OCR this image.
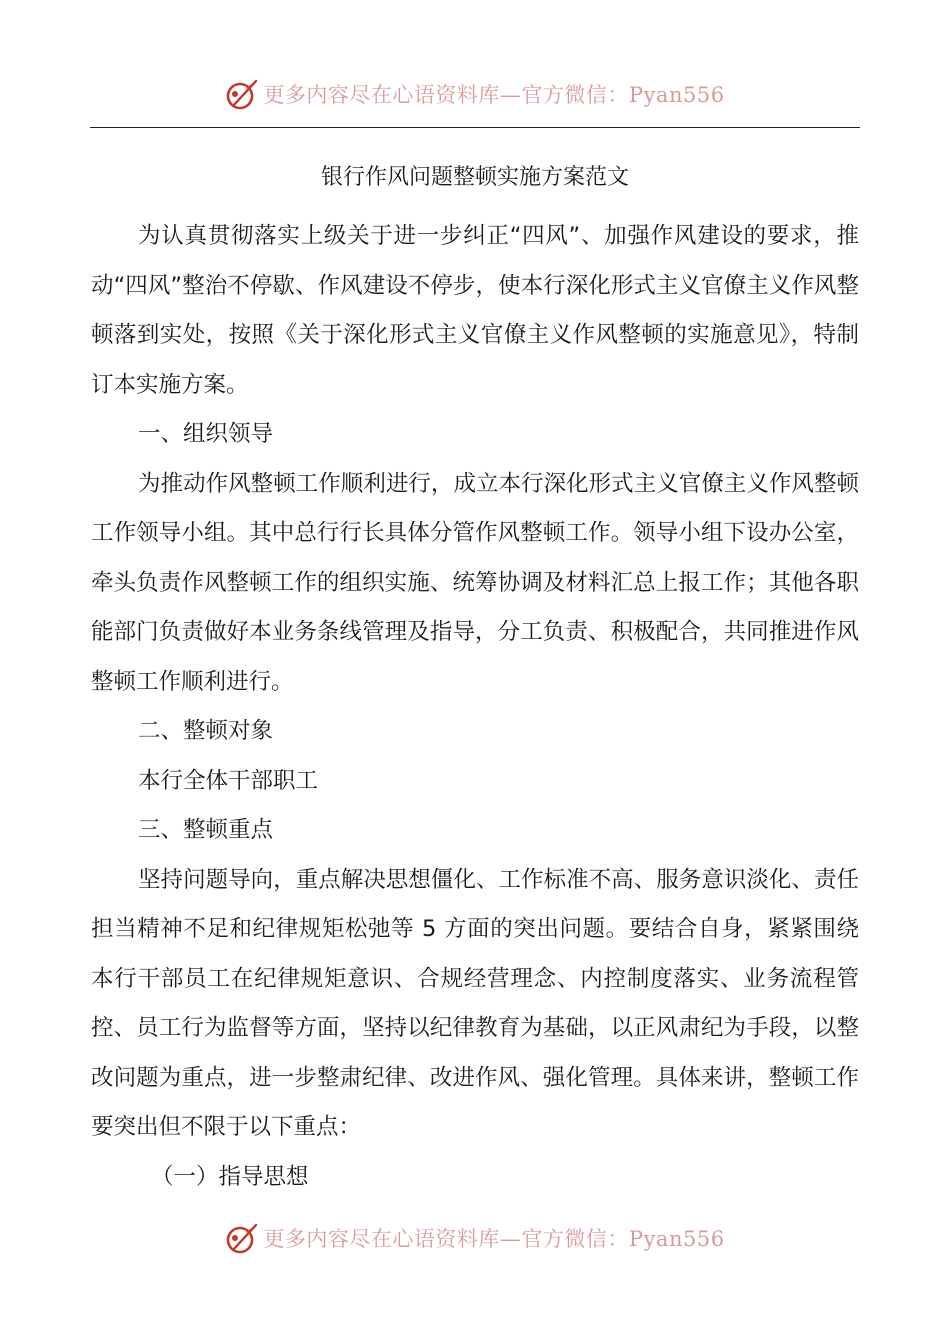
更多内容尽在心语资料库—官方微信：Pyan556
银行作风问题整顿实施方案范文

为认真贯彻落实上级关于进一步纠正“四风”、加强作风建设的要求，推动“四风”整治不停歇、作风建设不停步，使本行深化形式主义官僚主义作风整顿落到实处，按照《关于深化形式主义官僚主义作风整顿的实施意见》，特制订本实施方案。

一、组织领导

为推动作风整顿工作顺利进行，成立本行深化形式主义官僚主义作风整顿工作领导小组。其中总行行长具体分管作风整顿工作。领导小组下设办公室，牵头负责作风整顿工作的组织实施、统筹协调及材料汇总上报工作；其他各职能部门负责做好本业务条线管理及指导，分工负责、积极配合，共同推进作风整顿工作顺利进行。

二、整顿对象

本行全体干部职工

三、整顿重点

坚持问题导向，重点解决思想僵化、工作标准不高、服务意识淡化、责任担当精神不足和纪律规矩松弛等 5 方面的突出问题。要结合自身，紧紧围绕本行干部员工在纪律规矩意识、合规经营理念、内控制度落实、业务流程管控、员工行为监督等方面，坚持以纪律教育为基础，以正风肃纪为手段，以整改问题为重点，进一步整肃纪律、改进作风、强化管理。具体来讲，整顿工作要突出但不限于以下重点：

（一）指导思想

更多内容尽在心语资料库—官方微信：Pyan556
